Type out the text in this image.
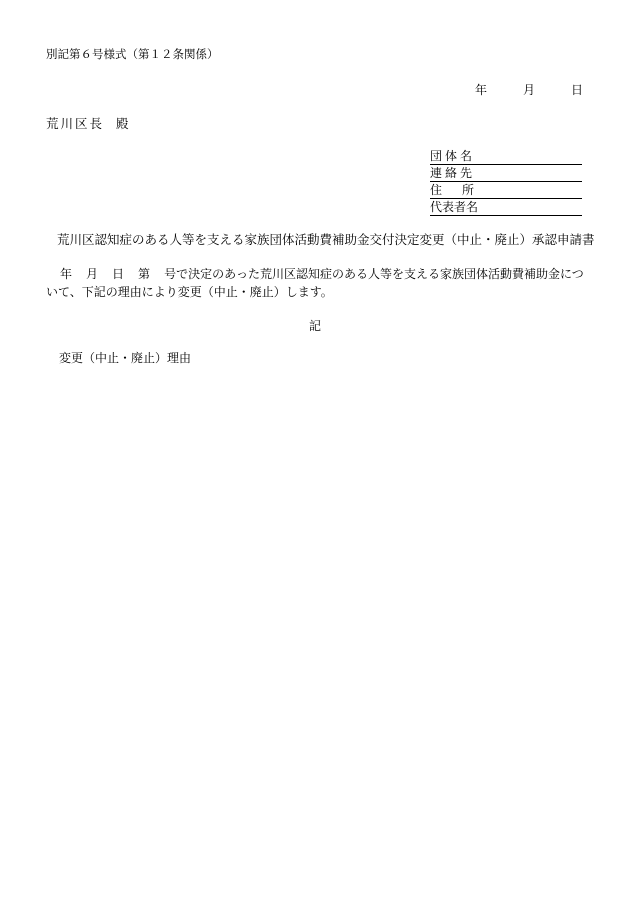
別記第６号様式（第１２条関係）
年	月	日
荒川区長 殿
団体名
連絡先
住所
代表者名
荒川区認知症のある人等を支える家族団体活動費補助金交付決定変更（中止・廃止）承認申請書
年 月 日 第 号で決定のあった荒川区認知症のある人等を支える家族団体活動費補助金について、下記の理由により変更（中止・廃止）します。
記
変更（中止・廃止）理由
